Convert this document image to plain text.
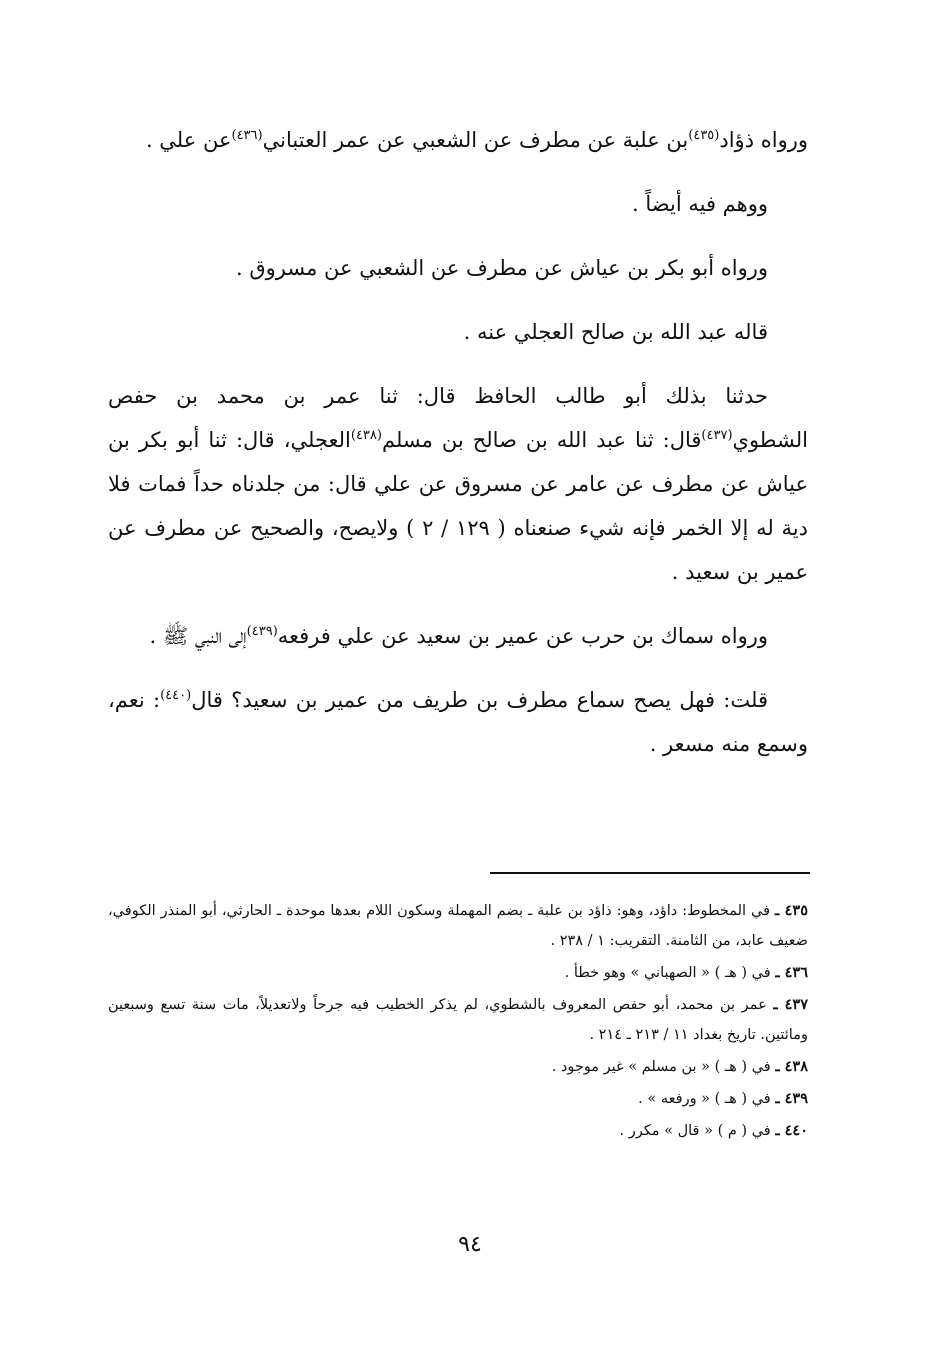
ورواه ذؤاد$^{(٤٣٥)}$بن علبة عن مطرف عن الشعبي عن عمر العتباني$^{(٤٣٦)}$عن علي .

ووهم فيه أيضاً .

ورواه أبو بكر بن عياش عن مطرف عن الشعبي عن مسروق .

قاله عبد الله بن صالح العجلي عنه .

حدثنا بذلك أبو طالب الحافظ قال: ثنا عمر بن محمد بن حفص الشطوي$^{(٤٣٧)}$قال: ثنا عبد الله بن صالح بن مسلم$^{(٤٣٨)}$العجلي، قال: ثنا أبو بكر بن عياش عن مطرف عن عامر عن مسروق عن علي قال: من جلدناه حداً فمات فلا دية له إلا الخمر فإنه شيء صنعناه ( ١٢٩ / ٢ ) ولايصح، والصحيح عن مطرف عن عمير بن سعيد .

ورواه سماك بن حرب عن عمير بن سعيد عن علي فرفعه$^{(٤٣٩)}$إلى النبي ﷺ .

قلت: فهل يصح سماع مطرف بن طريف من عمير بن سعيد؟ قال$^{(٤٤٠)}$: نعم، وسمع منه مسعر .

٤٣٥ ـ في المخطوط: داؤد، وهو: ذاؤد بن علبة ـ بضم المهملة وسكون اللام بعدها موحدة ـ الحارثي، أبو المنذر الكوفي، ضعيف عابد، من الثامنة. التقريب: ١ / ٢٣٨ .
٤٣٦ ـ في ( هـ ) « الصهباني » وهو خطأ .
٤٣٧ ـ عمر بن محمد، أبو حفص المعروف بالشطوي، لم يذكر الخطيب فيه جرحاً ولاتعديلاً، مات سنة تسع وسبعين ومائتين. تاريخ بغداد ١١ / ٢١٣ ـ ٢١٤ .
٤٣٨ ـ في ( هـ ) « بن مسلم » غير موجود .
٤٣٩ ـ في ( هـ ) « ورفعه » .
٤٤٠ ـ في ( م ) « قال » مكرر .
٩٤
